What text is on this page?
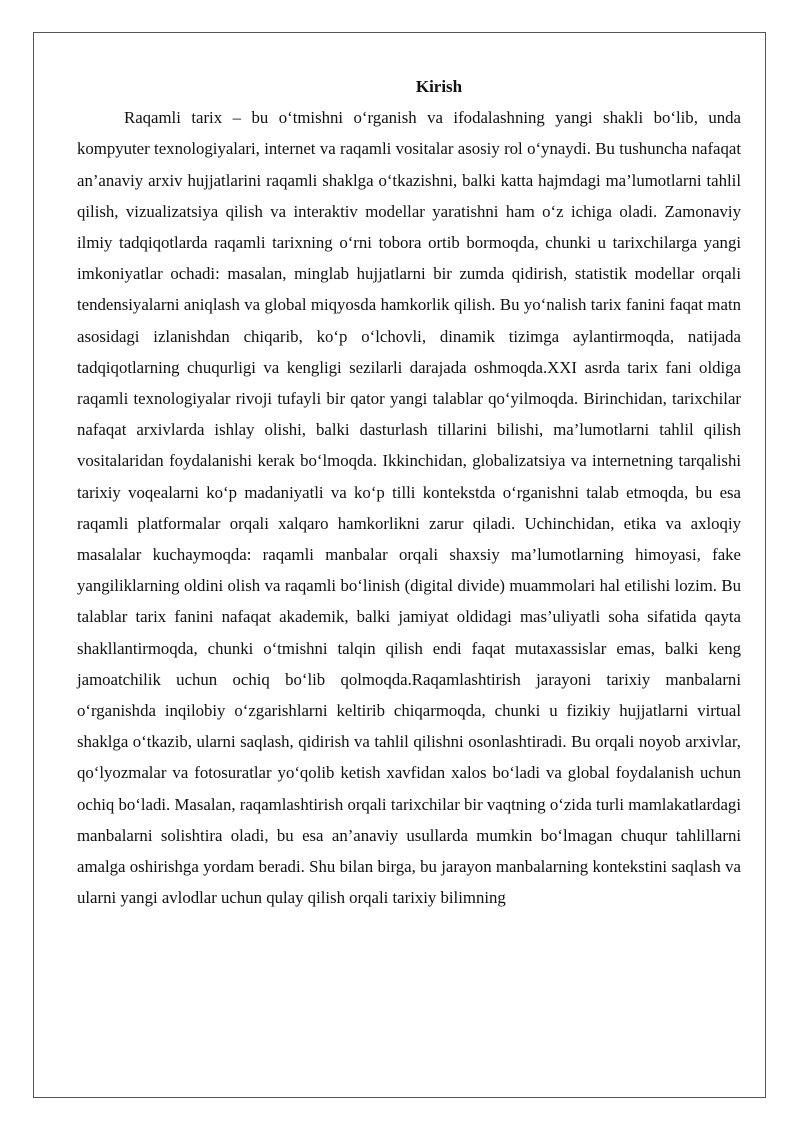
Kirish

Raqamli tarix – bu o‘tmishni o‘rganish va ifodalashning yangi shakli bo‘lib, unda kompyuter texnologiyalari, internet va raqamli vositalar asosiy rol o‘ynaydi. Bu tushuncha nafaqat an’anaviy arxiv hujjatlarini raqamli shaklga o‘tkazishni, balki katta hajmdagi ma’lumotlarni tahlil qilish, vizualizatsiya qilish va interaktiv modellar yaratishni ham o‘z ichiga oladi. Zamonaviy ilmiy tadqiqotlarda raqamli tarixning o‘rni tobora ortib bormoqda, chunki u tarixchilarga yangi imkoniyatlar ochadi: masalan, minglab hujjatlarni bir zumda qidirish, statistik modellar orqali tendensiyalarni aniqlash va global miqyosda hamkorlik qilish. Bu yo‘nalish tarix fanini faqat matn asosidagi izlanishdan chiqarib, ko‘p o‘lchovli, dinamik tizimga aylantirmoqda, natijada tadqiqotlarning chuqurligi va kengligi sezilarli darajada oshmoqda.XXI asrda tarix fani oldiga raqamli texnologiyalar rivoji tufayli bir qator yangi talablar qo‘yilmoqda. Birinchidan, tarixchilar nafaqat arxivlarda ishlay olishi, balki dasturlash tillarini bilishi, ma’lumotlarni tahlil qilish vositalaridan foydalanishi kerak bo‘lmoqda. Ikkinchidan, globalizatsiya va internetning tarqalishi tarixiy voqealarni ko‘p madaniyatli va ko‘p tilli kontekstda o‘rganishni talab etmoqda, bu esa raqamli platformalar orqali xalqaro hamkorlikni zarur qiladi. Uchinchidan, etika va axloqiy masalalar kuchaymoqda: raqamli manbalar orqali shaxsiy ma’lumotlarning himoyasi, fake yangiliklarning oldini olish va raqamli bo‘linish (digital divide) muammolari hal etilishi lozim. Bu talablar tarix fanini nafaqat akademik, balki jamiyat oldidagi mas’uliyatli soha sifatida qayta shakllantirmoqda, chunki o‘tmishni talqin qilish endi faqat mutaxassislar emas, balki keng jamoatchilik uchun ochiq bo‘lib qolmoqda.Raqamlashtirish jarayoni tarixiy manbalarni o‘rganishda inqilobiy o‘zgarishlarni keltirib chiqarmoqda, chunki u fizikiy hujjatlarni virtual shaklga o‘tkazib, ularni saqlash, qidirish va tahlil qilishni osonlashtiradi. Bu orqali noyob arxivlar, qo‘lyozmalar va fotosuratlar yo‘qolib ketish xavfidan xalos bo‘ladi va global foydalanish uchun ochiq bo‘ladi. Masalan, raqamlashtirish orqali tarixchilar bir vaqtning o‘zida turli mamlakatlardagi manbalarni solishtira oladi, bu esa an’anaviy usullarda mumkin bo‘lmagan chuqur tahlillarni amalga oshirishga yordam beradi. Shu bilan birga, bu jarayon manbalarning kontekstini saqlash va ularni yangi avlodlar uchun qulay qilish orqali tarixiy bilimning
